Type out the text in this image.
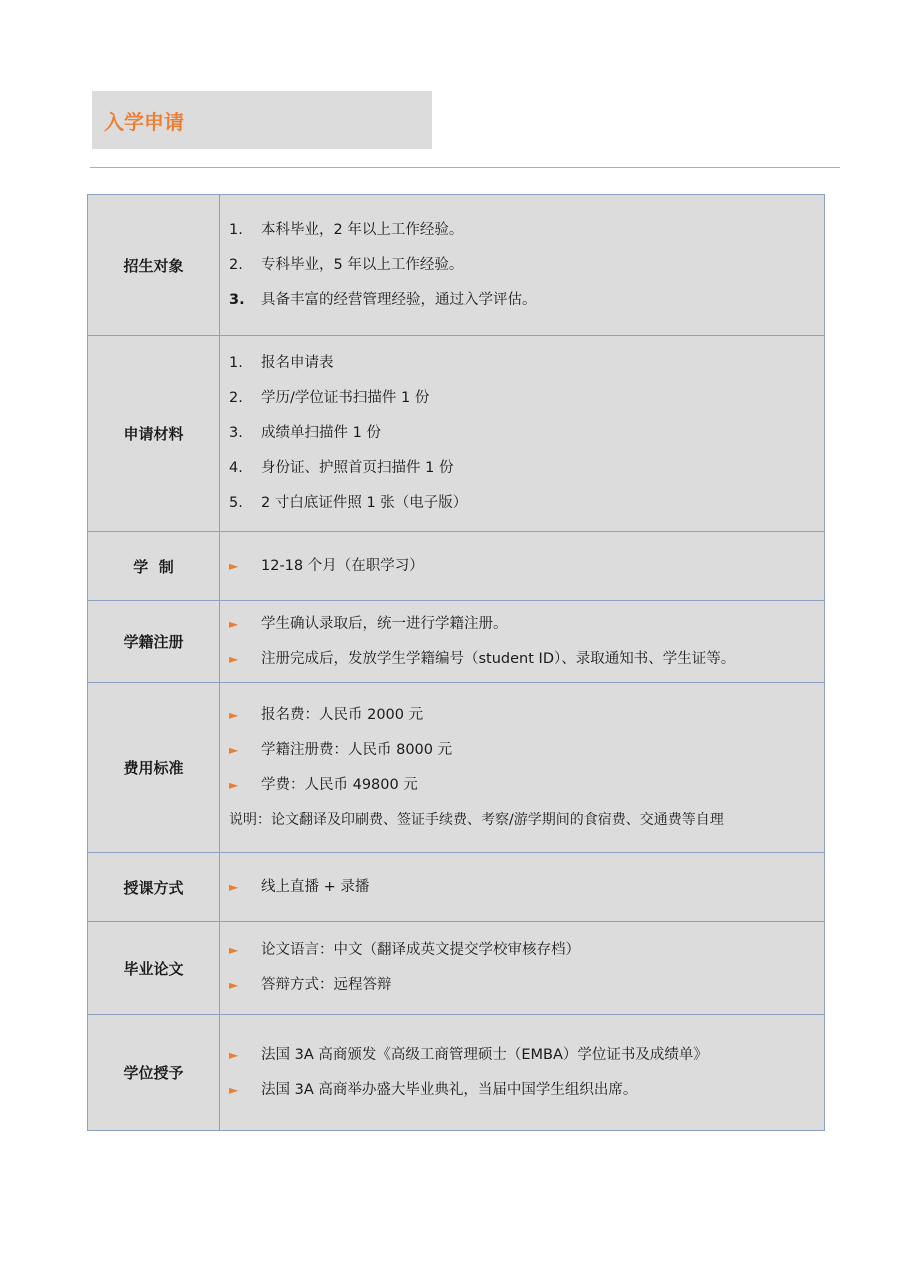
入学申请
招生对象	1. 本科毕业，2 年以上工作经验。
2. 专科毕业，5 年以上工作经验。
3. 具备丰富的经营管理经验，通过入学评估。

申请材料	1. 报名申请表
2. 学历/学位证书扫描件 1 份
3. 成绩单扫描件 1 份
4. 身份证、护照首页扫描件 1 份
5. 2 寸白底证件照 1 张（电子版）

学  制	► 12-18 个月（在职学习）

学籍注册	► 学生确认录取后，统一进行学籍注册。
► 注册完成后，发放学生学籍编号（student ID）、录取通知书、学生证等。

费用标准	► 报名费：人民币 2000 元
► 学籍注册费：人民币 8000 元
► 学费：人民币 49800 元
说明：论文翻译及印刷费、签证手续费、考察/游学期间的食宿费、交通费等自理

授课方式	► 线上直播 + 录播

毕业论文	► 论文语言：中文（翻译成英文提交学校审核存档）
► 答辩方式：远程答辩

学位授予	► 法国 3A 高商颁发《高级工商管理硕士（EMBA）学位证书及成绩单》
► 法国 3A 高商举办盛大毕业典礼，当届中国学生组织出席。
